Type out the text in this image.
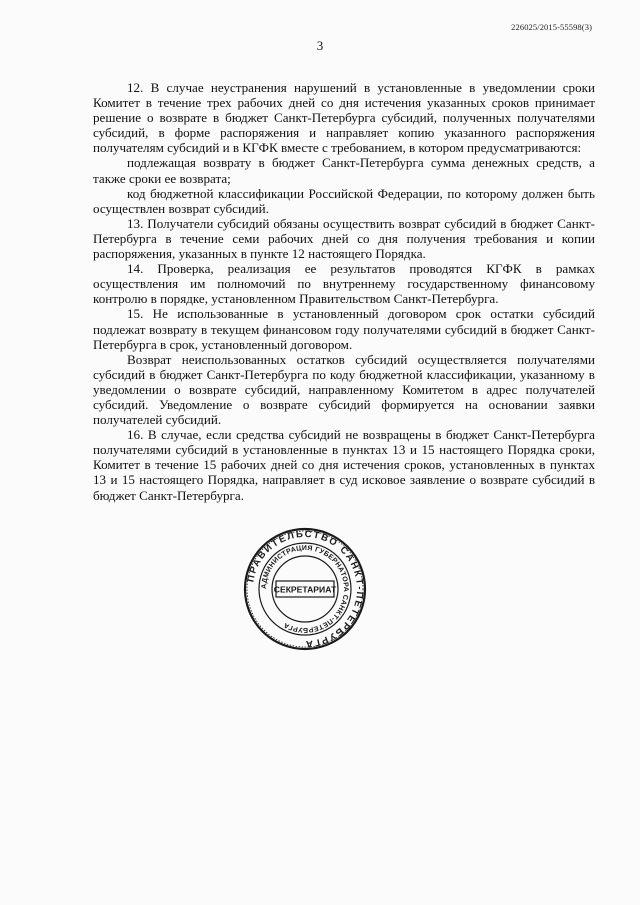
226025/2015-55598(3)
3

12. В случае неустранения нарушений в установленные в уведомлении сроки Комитет в течение трех рабочих дней со дня истечения указанных сроков принимает решение о возврате в бюджет Санкт-Петербурга субсидий, полученных получателями субсидий, в форме распоряжения и направляет копию указанного распоряжения получателям субсидий и в КГФК вместе с требованием, в котором предусматриваются:

подлежащая возврату в бюджет Санкт-Петербурга сумма денежных средств, а также сроки ее возврата;

код бюджетной классификации Российской Федерации, по которому должен быть осуществлен возврат субсидий.

13. Получатели субсидий обязаны осуществить возврат субсидий в бюджет Санкт-Петербурга в течение семи рабочих дней со дня получения требования и копии распоряжения, указанных в пункте 12 настоящего Порядка.

14. Проверка, реализация ее результатов проводятся КГФК в рамках осуществления им полномочий по внутреннему государственному финансовому контролю в порядке, установленном Правительством Санкт-Петербурга.

15. Не использованные в установленный договором срок остатки субсидий подлежат возврату в текущем финансовом году получателями субсидий в бюджет Санкт-Петербурга в срок, установленный договором.

Возврат неиспользованных остатков субсидий осуществляется получателями субсидий в бюджет Санкт-Петербурга по коду бюджетной классификации, указанному в уведомлении о возврате субсидий, направленному Комитетом в адрес получателей субсидий. Уведомление о возврате субсидий формируется на основании заявки получателей субсидий.

16. В случае, если средства субсидий не возвращены в бюджет Санкт-Петербурга получателями субсидий в установленные в пунктах 13 и 15 настоящего Порядка сроки, Комитет в течение 15 рабочих дней со дня истечения сроков, установленных в пунктах 13 и 15 настоящего Порядка, направляет в суд исковое заявление о возврате субсидий в бюджет Санкт-Петербурга.

ПРАВИТЕЛЬСТВО САНКТ-ПЕТЕРБУРГА
АДМИНИСТРАЦИЯ ГУБЕРНАТОРА САНКТ-ПЕТЕРБУРГА
СЕКРЕТАРИАТ
